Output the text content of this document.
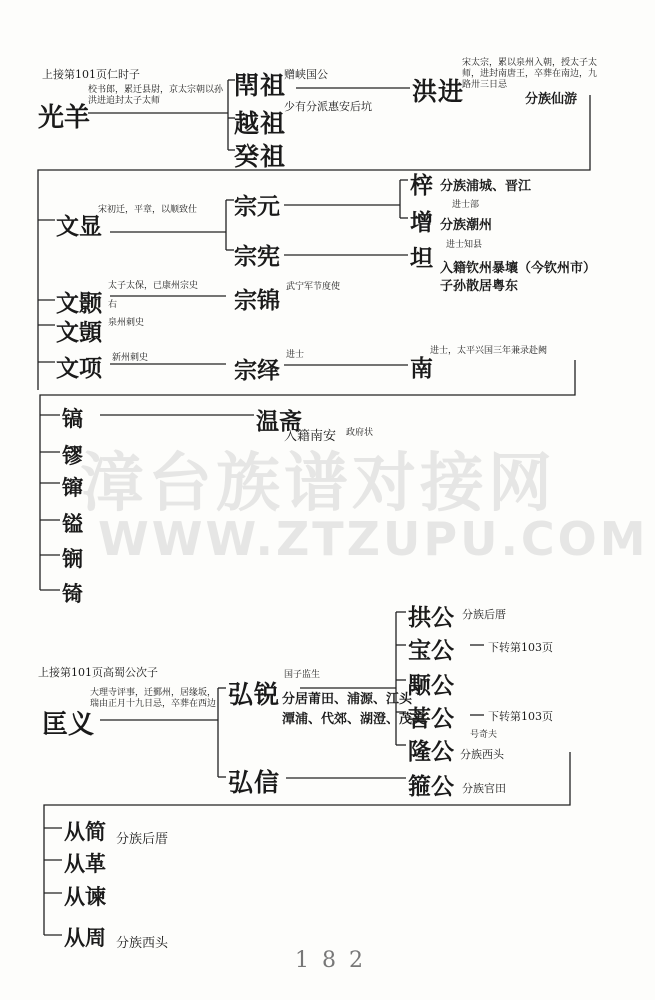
漳台族谱对接网
WWW.ZTZUPU.COM
上接第101页仁时子
光羊
校书郎，累迁县尉，京太宗朝以孙洪进追封太子太师
閈祖
赠峡国公
越祖
少有分派惠安后坑
癸祖
洪进
宋太宗，累以泉州入朝，授太子太师，进封南唐王，卒葬在南边，九路卅三日忌
分族仙游
文显
宋初迁，平章，以顺致仕
文颢
太子太保，已康州宗史
右
文顗 泉州刺史
文项 新州刺史
宗元
宗宪
宗锦 武宁军节度使
宗绎
进士
梓 分族浦城、晋江
增
进士部
分族潮州
坦 进士知县
入籍钦州暴壤（今钦州市）
子孙散居粤东
南
进士，太平兴国三年兼录赴阙
镐
镠
镩
镒
锎
锜
温斋
入籍南安 政府状
上接第101页高蜀公次子
匡义
大理寺评事，迁鄞州，居缘坂，瑞由正月十九日忌，卒葬在西边 弘锐
国子监生
分居莆田、浦源、江头
潭浦、代郊、湖澄、茂美
弘信
拱公 分族后厝
宝公	下转第103页
颙公
菩公	下转第103页
隆公
号奇夫
分族西头
箍公 分族官田
从简 分族后厝
从革
从谏
从周 分族西头
1 8 2
